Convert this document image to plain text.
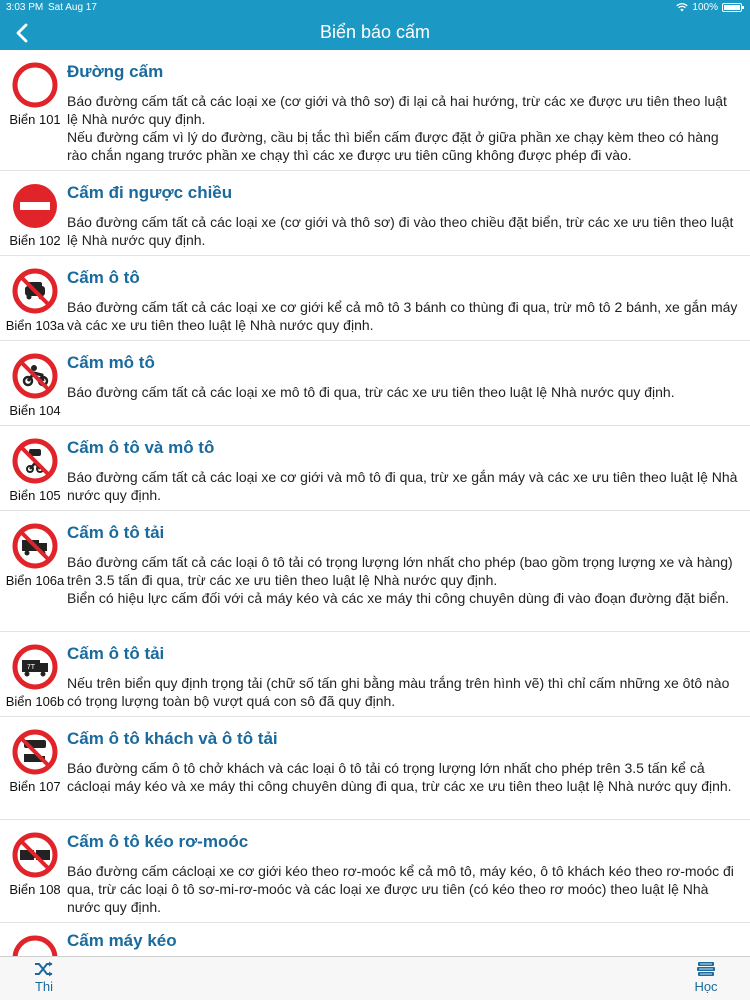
3:03 PM Sat Aug 17	100%
Biển báo cấm
Biển 101
Đường cấm

Báo đường cấm tất cả các loại xe (cơ giới và thô sơ) đi lại cả hai hướng, trừ các xe được ưu tiên theo luật lệ Nhà nước quy định.
Nếu đường cấm vì lý do đường, cầu bị tắc thì biển cấm được đặt ở giữa phần xe chạy kèm theo có hàng rào chắn ngang trước phần xe chạy thì các xe được ưu tiên cũng không được phép đi vào.

Biển 102
Cấm đi ngược chiều

Báo đường cấm tất cả các loại xe (cơ giới và thô sơ) đi vào theo chiều đặt biển, trừ các xe ưu tiên theo luật lệ Nhà nước quy định.

Biển 103a
Cấm ô tô

Báo đường cấm tất cả các loại xe cơ giới kể cả mô tô 3 bánh co thùng đi qua, trừ mô tô 2 bánh, xe gắn máy và các xe ưu tiên theo luật lệ Nhà nước quy định.

Biển 104
Cấm mô tô

Báo đường cấm tất cả các loại xe mô tô đi qua, trừ các xe ưu tiên theo luật lệ Nhà nước quy định.

Biển 105
Cấm ô tô và mô tô

Báo đường cấm tất cả các loại xe cơ giới và mô tô đi qua, trừ xe gắn máy và các xe ưu tiên theo luật lệ Nhà nước quy định.

Biển 106a
Cấm ô tô tải

Báo đường cấm tất cả các loại ô tô tải có trọng lượng lớn nhất cho phép (bao gồm trọng lượng xe và hàng) trên 3.5 tấn đi qua, trừ các xe ưu tiên theo luật lệ Nhà nước quy định.
Biển có hiệu lực cấm đối với cả máy kéo và các xe máy thi công chuyên dùng đi vào đoạn đường đặt biển.

7T
Biển 106b
Cấm ô tô tải

Nếu trên biển quy định trọng tải (chữ số tấn ghi bằng màu trắng trên hình vẽ) thì chỉ cấm những xe ôtô nào có trọng lượng toàn bộ vượt quá con sô đã quy định.

Biển 107
Cấm ô tô khách và ô tô tải

Báo đường cấm ô tô chở khách và các loại ô tô tải có trọng lượng lớn nhất cho phép trên 3.5 tấn kể cả cácloại máy kéo và xe máy thi công chuyên dùng đi qua, trừ các xe ưu tiên theo luật lệ Nhà nước quy định.

Biển 108
Cấm ô tô kéo rơ-moóc

Báo đường cấm cácloại xe cơ giới kéo theo rơ-moóc kể cả mô tô, máy kéo, ô tô khách kéo theo rơ-moóc đi qua, trừ các loại ô tô sơ-mi-rơ-moóc và các loại xe được ưu tiên (có kéo theo rơ moóc) theo luật lệ Nhà nước quy định.

Cấm máy kéo
Thi	Học
